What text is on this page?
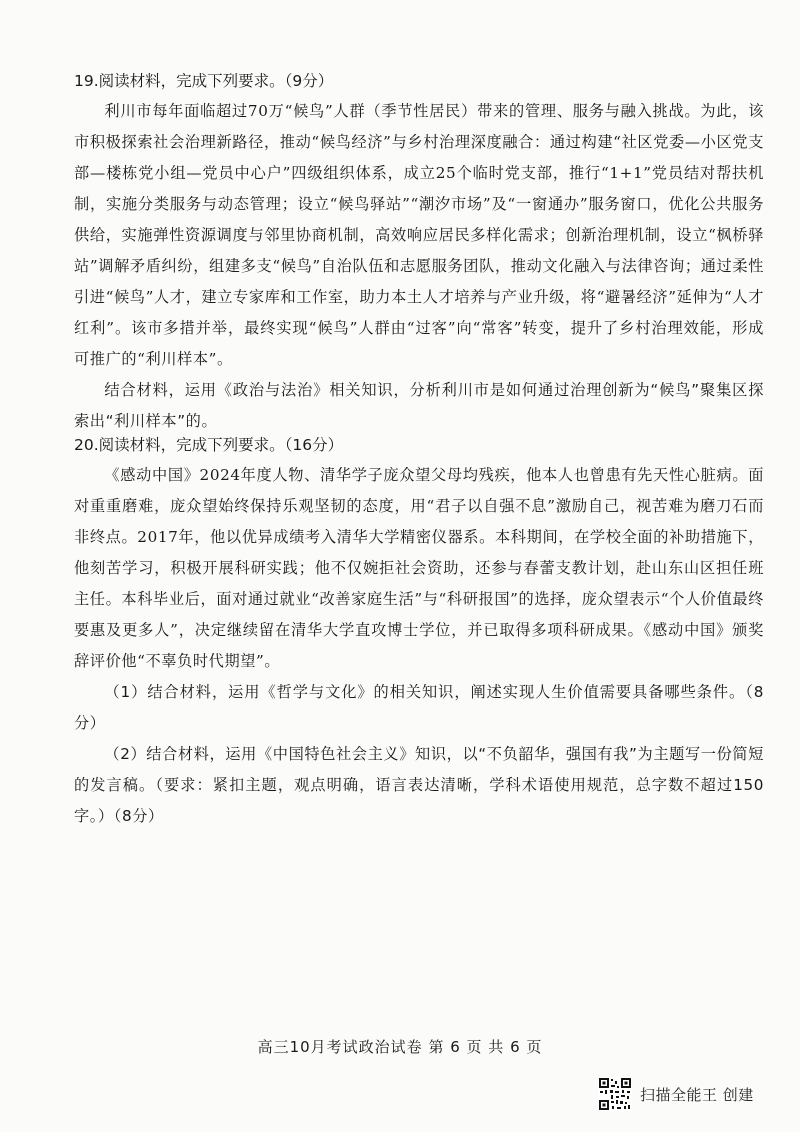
19.阅读材料，完成下列要求。（9分）

利川市每年面临超过70万“候鸟”人群（季节性居民）带来的管理、服务与融入挑战。为此，该市积极探索社会治理新路径，推动“候鸟经济”与乡村治理深度融合：通过构建“社区党委—小区党支部—楼栋党小组—党员中心户”四级组织体系，成立25个临时党支部，推行“1+1”党员结对帮扶机制，实施分类服务与动态管理；设立“候鸟驿站”“潮汐市场”及“一窗通办”服务窗口，优化公共服务供给，实施弹性资源调度与邻里协商机制，高效响应居民多样化需求；创新治理机制，设立“枫桥驿站”调解矛盾纠纷，组建多支“候鸟”自治队伍和志愿服务团队，推动文化融入与法律咨询；通过柔性引进“候鸟”人才，建立专家库和工作室，助力本土人才培养与产业升级，将“避暑经济”延伸为“人才红利”。该市多措并举，最终实现“候鸟”人群由“过客”向“常客”转变，提升了乡村治理效能，形成可推广的“利川样本”。

结合材料，运用《政治与法治》相关知识，分析利川市是如何通过治理创新为“候鸟”聚集区探索出“利川样本”的。

20.阅读材料，完成下列要求。（16分）

《感动中国》2024年度人物、清华学子庞众望父母均残疾，他本人也曾患有先天性心脏病。面对重重磨难，庞众望始终保持乐观坚韧的态度，用“君子以自强不息”激励自己，视苦难为磨刀石而非终点。2017年，他以优异成绩考入清华大学精密仪器系。本科期间，在学校全面的补助措施下，他刻苦学习，积极开展科研实践；他不仅婉拒社会资助，还参与春蕾支教计划，赴山东山区担任班主任。本科毕业后，面对通过就业“改善家庭生活”与“科研报国”的选择，庞众望表示“个人价值最终要惠及更多人”，决定继续留在清华大学直攻博士学位，并已取得多项科研成果。《感动中国》颁奖辞评价他“不辜负时代期望”。

（1）结合材料，运用《哲学与文化》的相关知识，阐述实现人生价值需要具备哪些条件。（8分）

（2）结合材料，运用《中国特色社会主义》知识，以“不负韶华，强国有我”为主题写一份简短的发言稿。（要求：紧扣主题，观点明确，语言表达清晰，学科术语使用规范，总字数不超过150字。）（8分）

高三10月考试政治试卷 第 6 页 共 6 页
扫描全能王 创建
